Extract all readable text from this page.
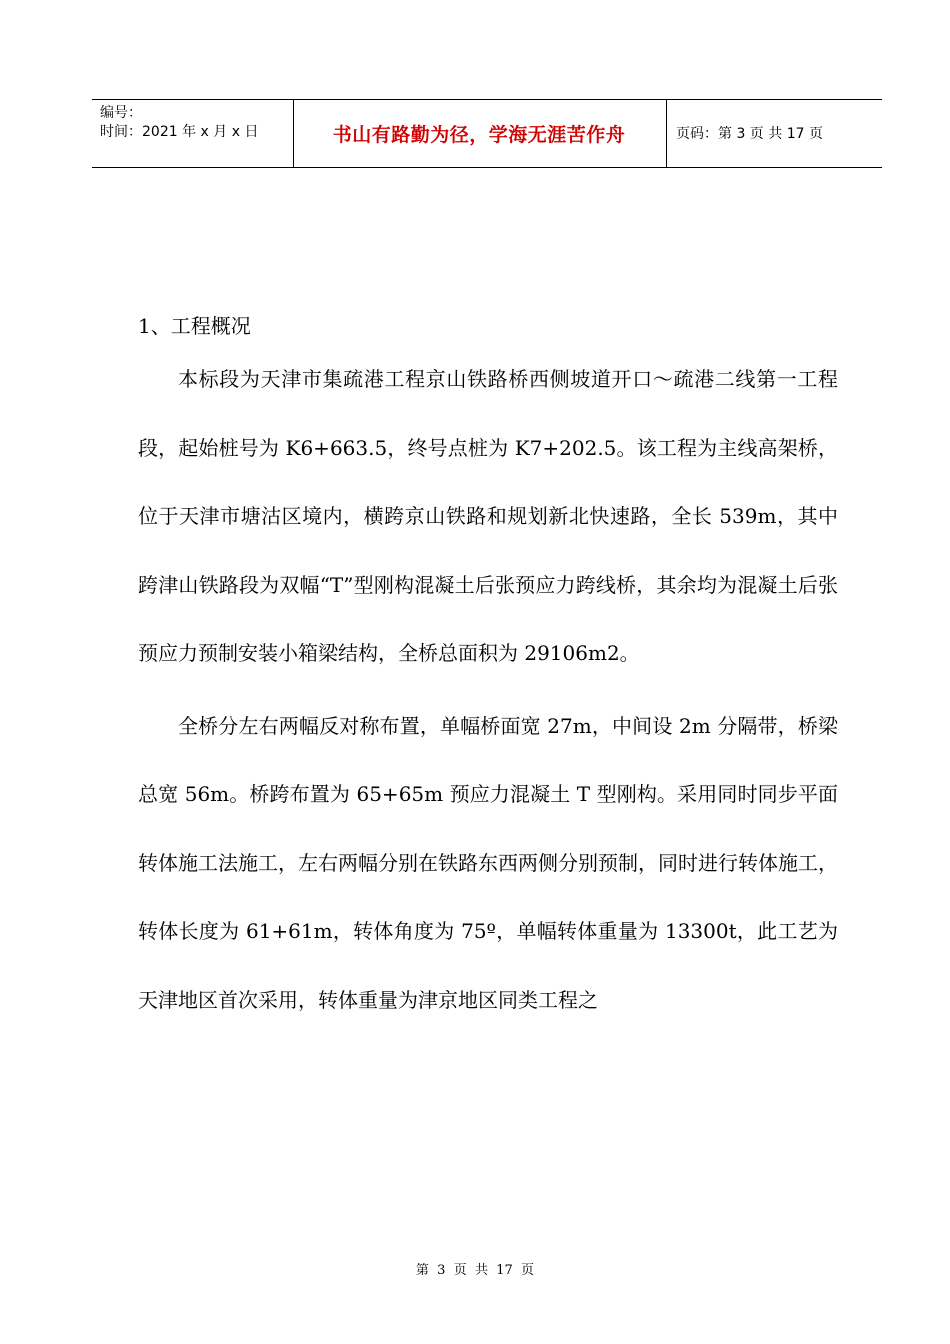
编号：
时间：2021 年 x 月 x 日	书山有路勤为径，学海无涯苦作舟	页码：第 3 页 共 17 页
1、工程概况

本标段为天津市集疏港工程京山铁路桥西侧坡道开口～疏港二线第一工程段，起始桩号为 K6+663.5，终号点桩为 K7+202.5。该工程为主线高架桥，位于天津市塘沽区境内，横跨京山铁路和规划新北快速路，全长 539m，其中跨津山铁路段为双幅“T”型刚构混凝土后张预应力跨线桥，其余均为混凝土后张预应力预制安装小箱梁结构，全桥总面积为 29106m2。

全桥分左右两幅反对称布置，单幅桥面宽 27m，中间设 2m 分隔带，桥梁总宽 56m。桥跨布置为 65+65m 预应力混凝土 T 型刚构。采用同时同步平面转体施工法施工，左右两幅分别在铁路东西两侧分别预制，同时进行转体施工，转体长度为 61+61m，转体角度为 75º，单幅转体重量为 13300t，此工艺为天津地区首次采用，转体重量为津京地区同类工程之

第  3  页  共  17  页
